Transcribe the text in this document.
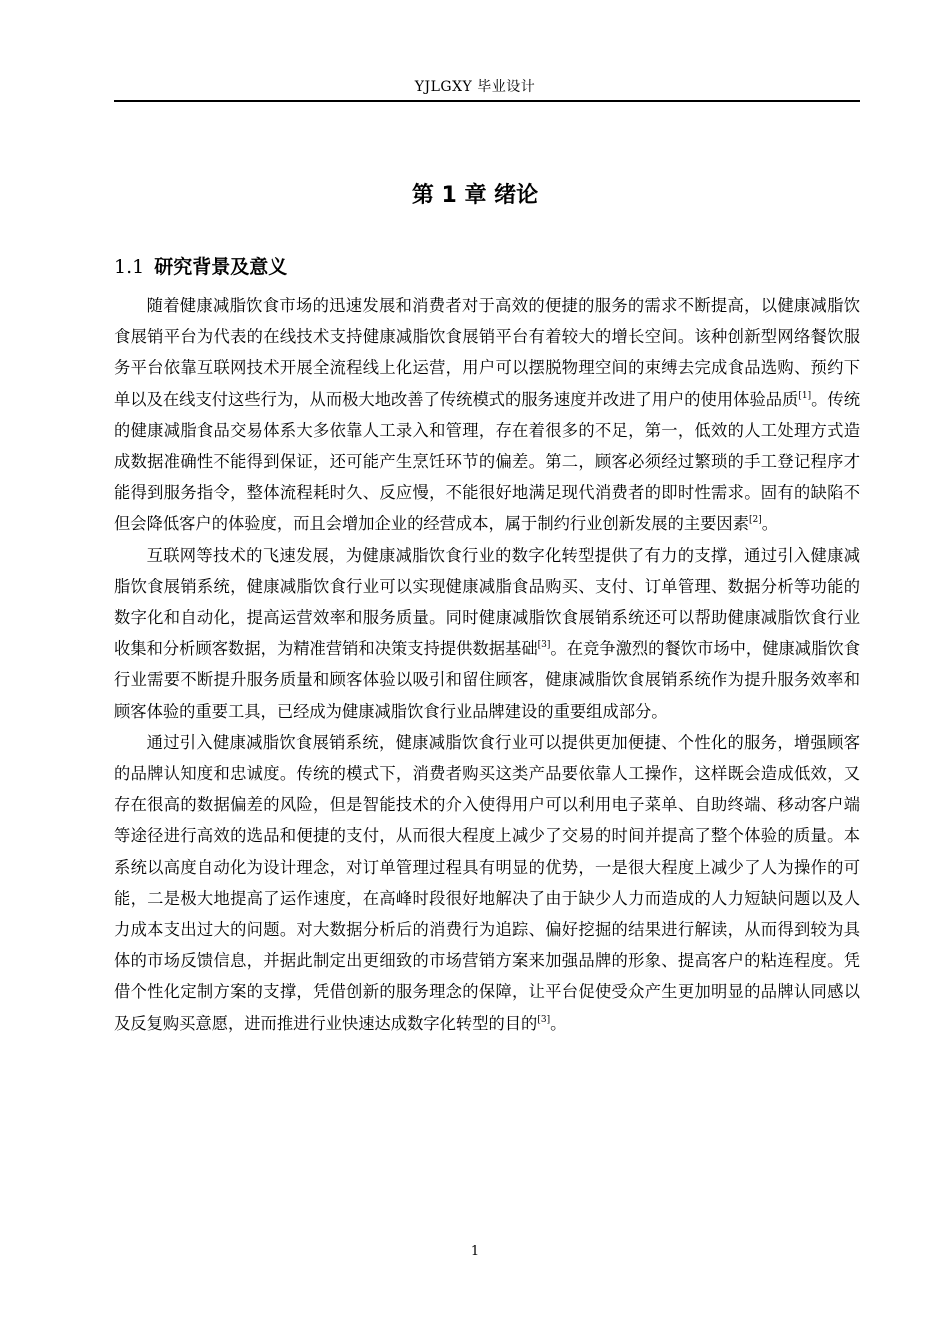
YJLGXY 毕业设计
第 1 章 绪论
1.1 研究背景及意义

随着健康减脂饮食市场的迅速发展和消费者对于高效的便捷的服务的需求不断提高，以健康减脂饮食展销平台为代表的在线技术支持健康减脂饮食展销平台有着较大的增长空间。该种创新型网络餐饮服务平台依靠互联网技术开展全流程线上化运营，用户可以摆脱物理空间的束缚去完成食品选购、预约下单以及在线支付这些行为，从而极大地改善了传统模式的服务速度并改进了用户的使用体验品质[1]。传统的健康减脂食品交易体系大多依靠人工录入和管理，存在着很多的不足，第一，低效的人工处理方式造成数据准确性不能得到保证，还可能产生烹饪环节的偏差。第二，顾客必须经过繁琐的手工登记程序才能得到服务指令，整体流程耗时久、反应慢，不能很好地满足现代消费者的即时性需求。固有的缺陷不但会降低客户的体验度，而且会增加企业的经营成本，属于制约行业创新发展的主要因素[2]。

互联网等技术的飞速发展，为健康减脂饮食行业的数字化转型提供了有力的支撑，通过引入健康减脂饮食展销系统，健康减脂饮食行业可以实现健康减脂食品购买、支付、订单管理、数据分析等功能的数字化和自动化，提高运营效率和服务质量。同时健康减脂饮食展销系统还可以帮助健康减脂饮食行业收集和分析顾客数据，为精准营销和决策支持提供数据基础[3]。在竞争激烈的餐饮市场中，健康减脂饮食行业需要不断提升服务质量和顾客体验以吸引和留住顾客，健康减脂饮食展销系统作为提升服务效率和顾客体验的重要工具，已经成为健康减脂饮食行业品牌建设的重要组成部分。

通过引入健康减脂饮食展销系统，健康减脂饮食行业可以提供更加便捷、个性化的服务，增强顾客的品牌认知度和忠诚度。传统的模式下，消费者购买这类产品要依靠人工操作，这样既会造成低效，又存在很高的数据偏差的风险，但是智能技术的介入使得用户可以利用电子菜单、自助终端、移动客户端等途径进行高效的选品和便捷的支付，从而很大程度上减少了交易的时间并提高了整个体验的质量。本系统以高度自动化为设计理念，对订单管理过程具有明显的优势，一是很大程度上减少了人为操作的可能，二是极大地提高了运作速度，在高峰时段很好地解决了由于缺少人力而造成的人力短缺问题以及人力成本支出过大的问题。对大数据分析后的消费行为追踪、偏好挖掘的结果进行解读，从而得到较为具体的市场反馈信息，并据此制定出更细致的市场营销方案来加强品牌的形象、提高客户的粘连程度。凭借个性化定制方案的支撑，凭借创新的服务理念的保障，让平台促使受众产生更加明显的品牌认同感以及反复购买意愿，进而推进行业快速达成数字化转型的目的[3]。

1
